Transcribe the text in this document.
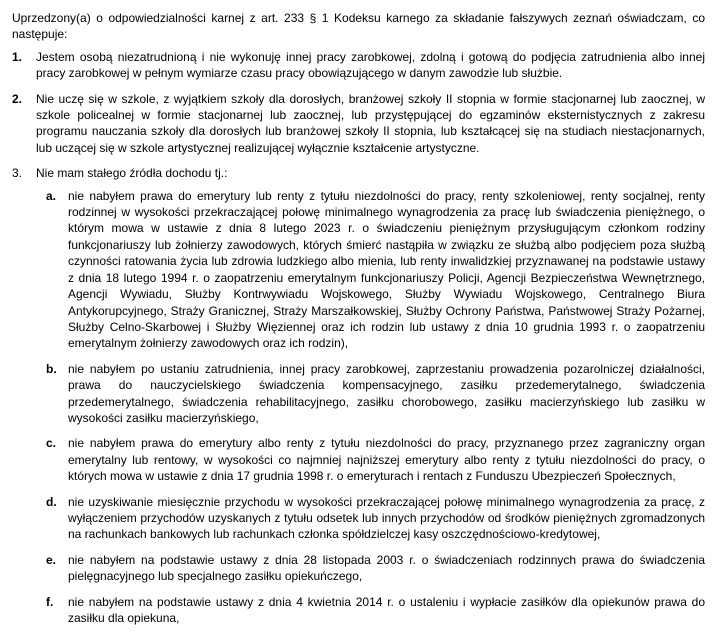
Uprzedzony(a) o odpowiedzialności karnej z art. 233 § 1 Kodeksu karnego za składanie fałszywych zeznań oświadczam, co następuje:

1. Jestem osobą niezatrudnioną i nie wykonuję innej pracy zarobkowej, zdolną i gotową do podjęcia zatrudnienia albo innej pracy zarobkowej w pełnym wymiarze czasu pracy obowiązującego w danym zawodzie lub służbie.
2. Nie uczę się w szkole, z wyjątkiem szkoły dla dorosłych, branżowej szkoły II stopnia w formie stacjonarnej lub zaocznej, w szkole policealnej w formie stacjonarnej lub zaocznej, lub przystępującej do egzaminów eksternistycznych z zakresu programu nauczania szkoły dla dorosłych lub branżowej szkoły II stopnia, lub kształcącej się na studiach niestacjonarnych, lub uczącej się w szkole artystycznej realizującej wyłącznie kształcenie artystyczne.
3. Nie mam stałego źródła dochodu tj.:
a. nie nabyłem prawa do emerytury lub renty z tytułu niezdolności do pracy, renty szkoleniowej, renty socjalnej, renty rodzinnej w wysokości przekraczającej połowę minimalnego wynagrodzenia za pracę lub świadczenia pieniężnego, o którym mowa w ustawie z dnia 8 lutego 2023 r. o świadczeniu pieniężnym przysługującym członkom rodziny funkcjonariuszy lub żołnierzy zawodowych, których śmierć nastąpiła w związku ze służbą albo podjęciem poza służbą czynności ratowania życia lub zdrowia ludzkiego albo mienia, lub renty inwalidzkiej przyznawanej na podstawie ustawy z dnia 18 lutego 1994 r. o zaopatrzeniu emerytalnym funkcjonariuszy Policji, Agencji Bezpieczeństwa Wewnętrznego, Agencji Wywiadu, Służby Kontrwywiadu Wojskowego, Służby Wywiadu Wojskowego, Centralnego Biura Antykorupcyjnego, Straży Granicznej, Straży Marszałkowskiej, Służby Ochrony Państwa, Państwowej Straży Pożarnej, Służby Celno-Skarbowej i Służby Więziennej oraz ich rodzin lub ustawy z dnia 10 grudnia 1993 r. o zaopatrzeniu emerytalnym żołnierzy zawodowych oraz ich rodzin),
b. nie nabyłem po ustaniu zatrudnienia, innej pracy zarobkowej, zaprzestaniu prowadzenia pozarolniczej działalności, prawa do nauczycielskiego świadczenia kompensacyjnego, zasiłku przedemerytalnego, świadczenia przedemerytalnego, świadczenia rehabilitacyjnego, zasiłku chorobowego, zasiłku macierzyńskiego lub zasiłku w wysokości zasiłku macierzyńskiego,
c. nie nabyłem prawa do emerytury albo renty z tytułu niezdolności do pracy, przyznanego przez zagraniczny organ emerytalny lub rentowy, w wysokości co najmniej najniższej emerytury albo renty z tytułu niezdolności do pracy, o których mowa w ustawie z dnia 17 grudnia 1998 r. o emeryturach i rentach z Funduszu Ubezpieczeń Społecznych,
d. nie uzyskiwanie miesięcznie przychodu w wysokości przekraczającej połowę minimalnego wynagrodzenia za pracę, z wyłączeniem przychodów uzyskanych z tytułu odsetek lub innych przychodów od środków pieniężnych zgromadzonych na rachunkach bankowych lub rachunkach członka spółdzielczej kasy oszczędnościowo-kredytowej,
e. nie nabyłem na podstawie ustawy z dnia 28 listopada 2003 r. o świadczeniach rodzinnych prawa do świadczenia pielęgnacyjnego lub specjalnego zasiłku opiekuńczego,
f. nie nabyłem na podstawie ustawy z dnia 4 kwietnia 2014 r. o ustaleniu i wypłacie zasiłków dla opiekunów prawa do zasiłku dla opiekuna,
